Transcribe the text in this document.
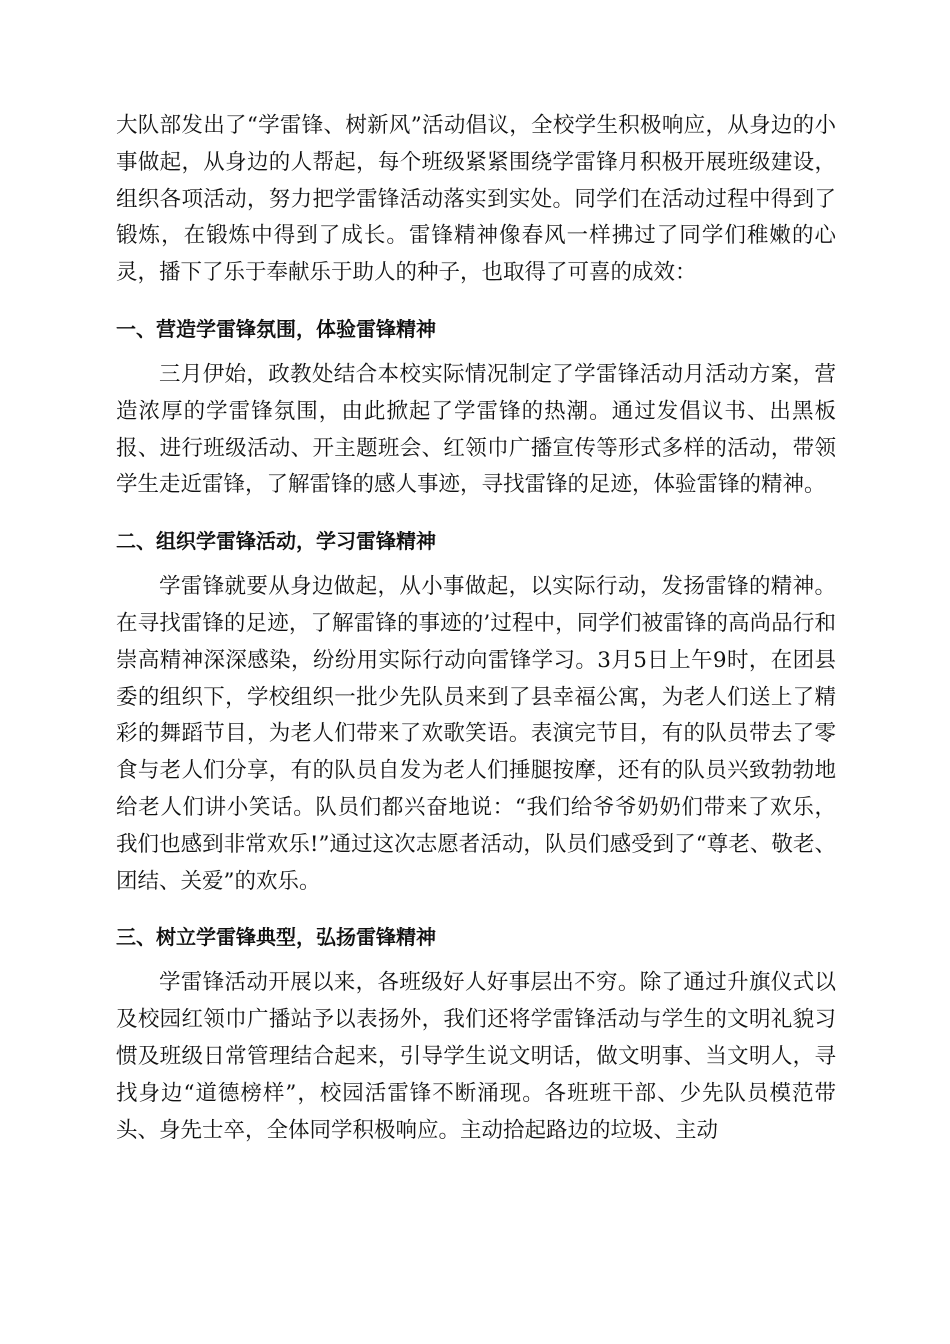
大队部发出了“学雷锋、树新风”活动倡议，全校学生积极响应，从身边的小事做起，从身边的人帮起，每个班级紧紧围绕学雷锋月积极开展班级建设，组织各项活动，努力把学雷锋活动落实到实处。同学们在活动过程中得到了锻炼，在锻炼中得到了成长。雷锋精神像春风一样拂过了同学们稚嫩的心灵，播下了乐于奉献乐于助人的种子，也取得了可喜的成效：

一、营造学雷锋氛围，体验雷锋精神

三月伊始，政教处结合本校实际情况制定了学雷锋活动月活动方案，营造浓厚的学雷锋氛围，由此掀起了学雷锋的热潮。通过发倡议书、出黑板报、进行班级活动、开主题班会、红领巾广播宣传等形式多样的活动，带领学生走近雷锋，了解雷锋的感人事迹，寻找雷锋的足迹，体验雷锋的精神。

二、组织学雷锋活动，学习雷锋精神

学雷锋就要从身边做起，从小事做起，以实际行动，发扬雷锋的精神。在寻找雷锋的足迹，了解雷锋的事迹的’过程中，同学们被雷锋的高尚品行和崇高精神深深感染，纷纷用实际行动向雷锋学习。3月5日上午9时，在团县委的组织下，学校组织一批少先队员来到了县幸福公寓，为老人们送上了精彩的舞蹈节目，为老人们带来了欢歌笑语。表演完节目，有的队员带去了零食与老人们分享，有的队员自发为老人们捶腿按摩，还有的队员兴致勃勃地给老人们讲小笑话。队员们都兴奋地说：“我们给爷爷奶奶们带来了欢乐，我们也感到非常欢乐!”通过这次志愿者活动，队员们感受到了“尊老、敬老、团结、关爱”的欢乐。

三、树立学雷锋典型，弘扬雷锋精神

学雷锋活动开展以来，各班级好人好事层出不穷。除了通过升旗仪式以及校园红领巾广播站予以表扬外，我们还将学雷锋活动与学生的文明礼貌习惯及班级日常管理结合起来，引导学生说文明话，做文明事、当文明人，寻找身边“道德榜样”，校园活雷锋不断涌现。各班班干部、少先队员模范带头、身先士卒，全体同学积极响应。主动拾起路边的垃圾、主动
